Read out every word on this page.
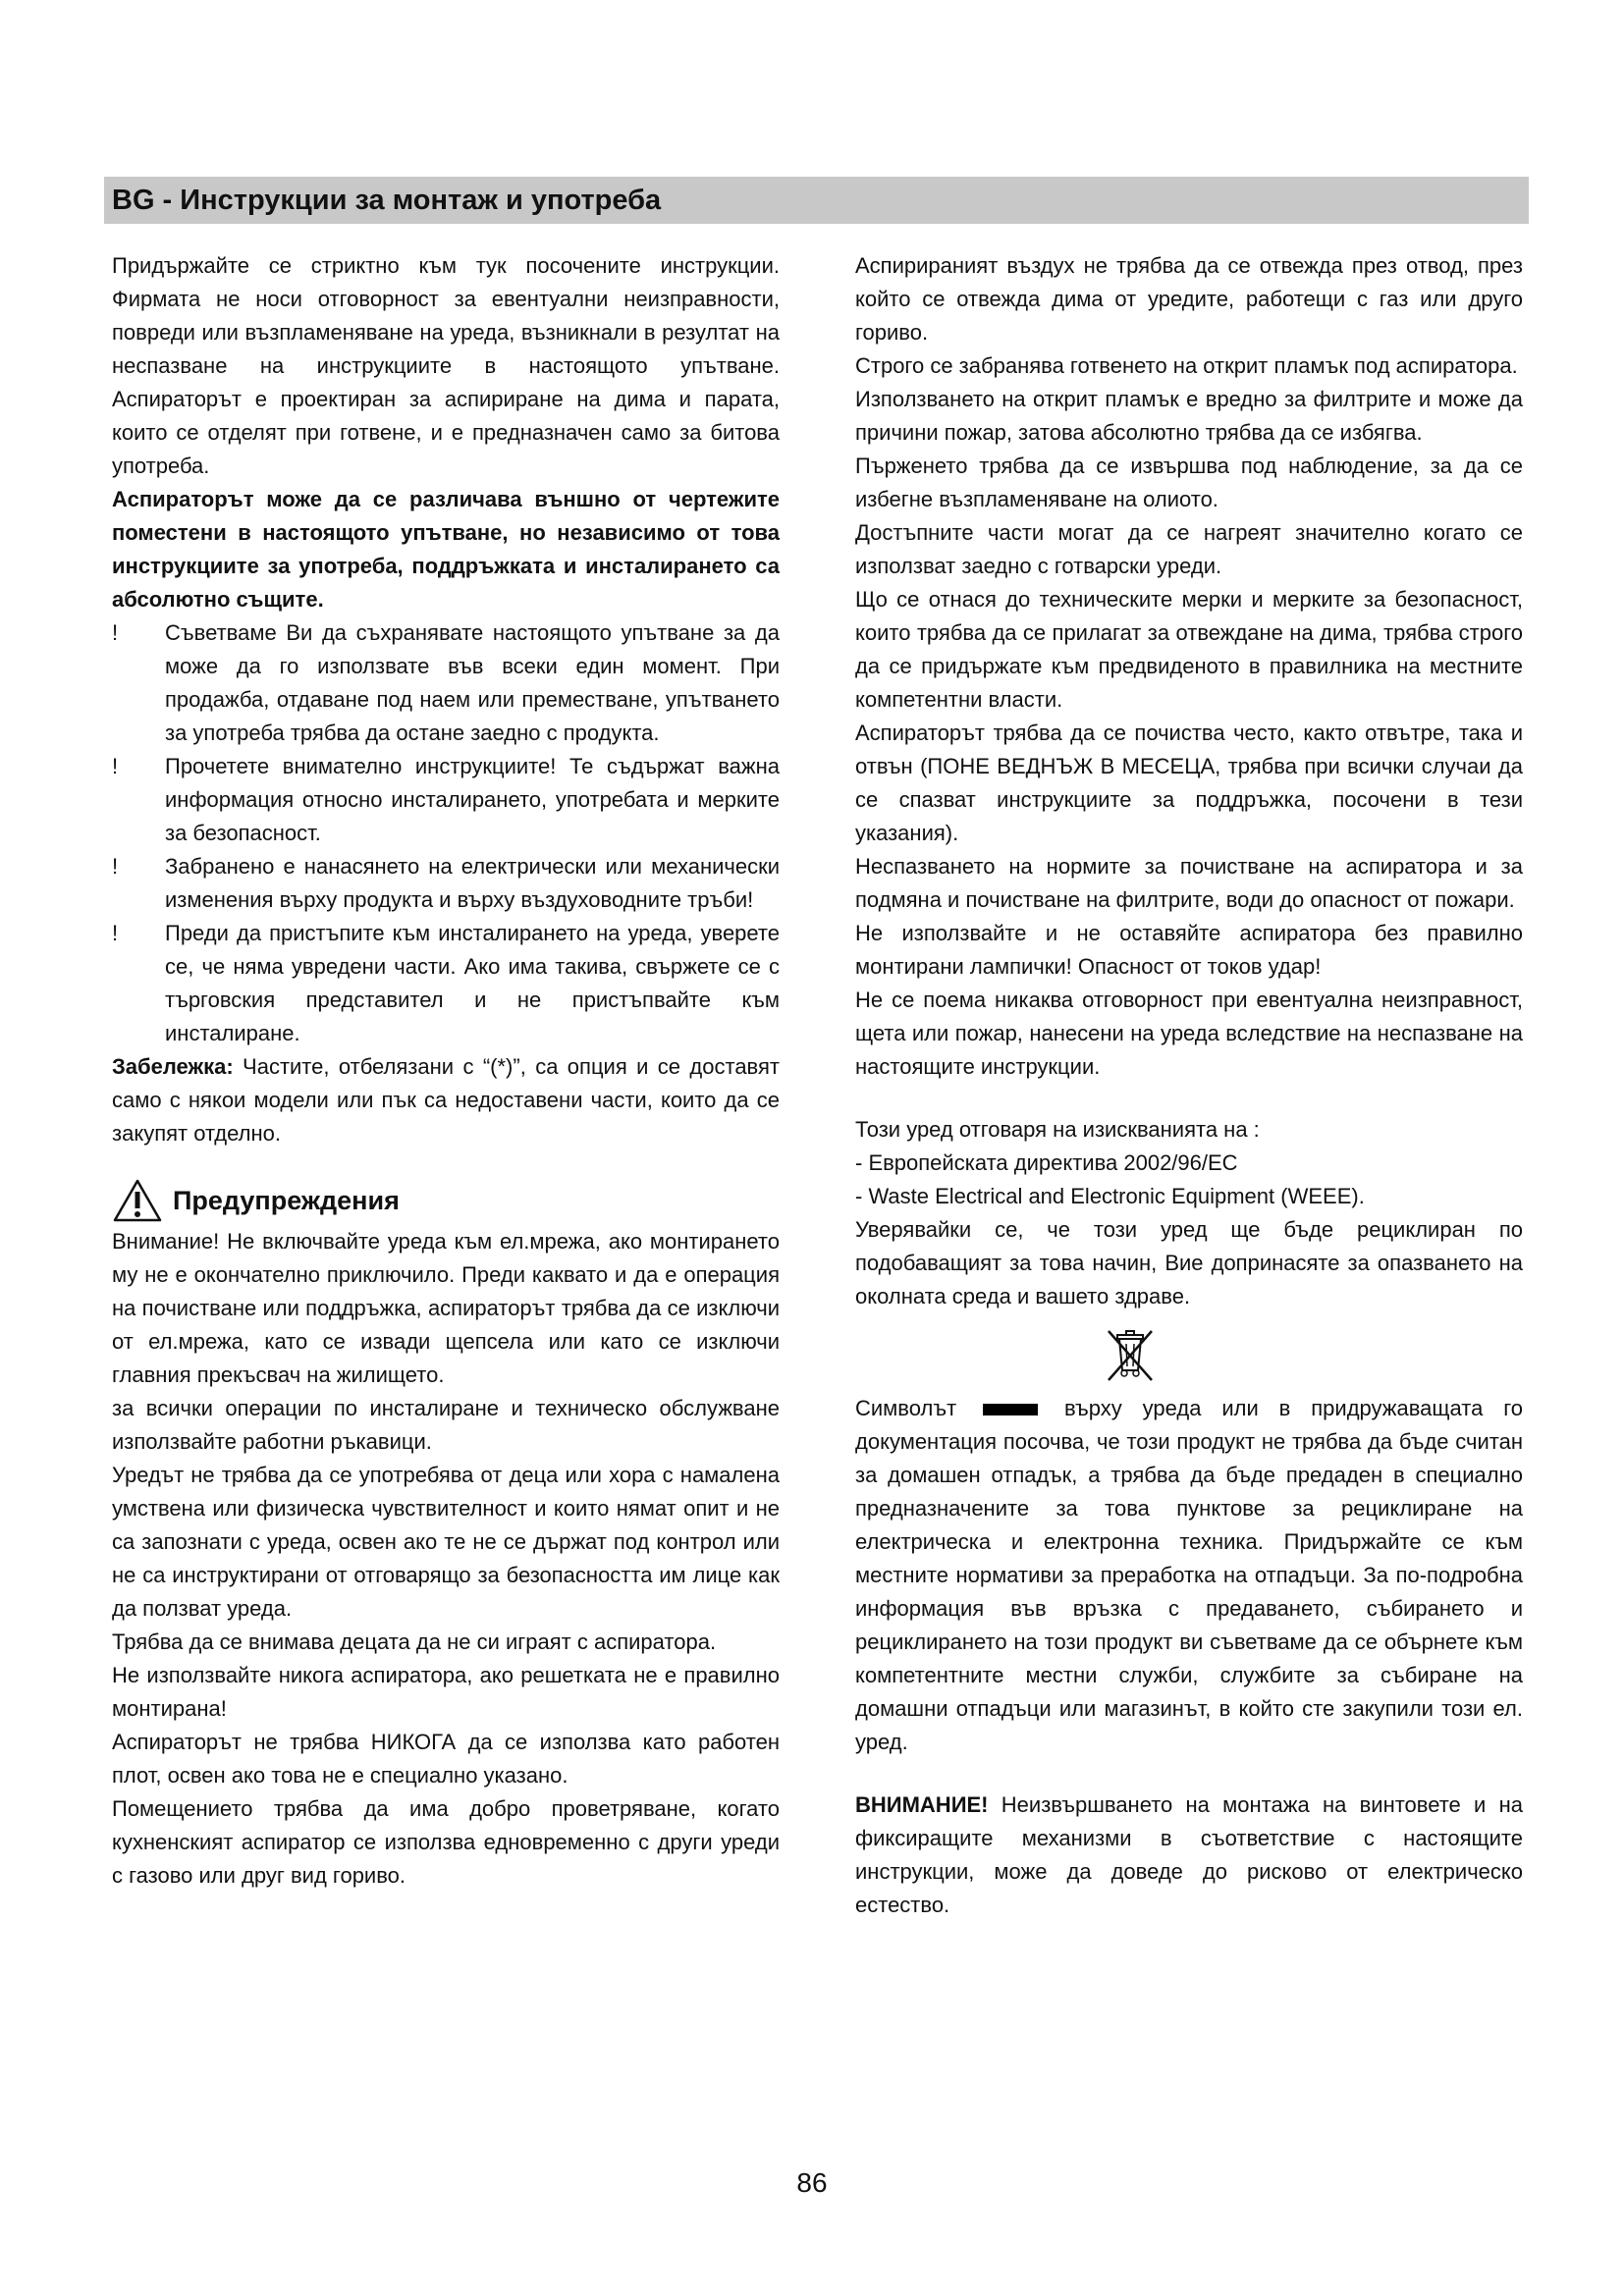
BG - Инструкции за монтаж и употреба

Придържайте се стриктно към тук посочените инструкции. Фирмата не носи отговорност за евентуални неизправности, повреди или възпламеняване на уреда, възникнали в резултат на неспазване на инструкциите в настоящото упътване. Аспираторът е проектиран за аспириране на дима и парата, които се отделят при готвене, и е предназначен само за битова употреба.

Аспираторът може да се различава външно от чертежите поместени в настоящото упътване, но независимо от това инструкциите за употреба, поддръжката и инсталирането са абсолютно същите.

! Съветваме Ви да съхранявате настоящото упътване за да може да го използвате във всеки един момент. При продажба, отдаване под наем или преместване, упътването за употреба трябва да остане заедно с продукта.
! Прочетете внимателно инструкциите! Те съдържат важна информация относно инсталирането, употребата и мерките за безопасност.
! Забранено е нанасянето на електрически или механически изменения върху продукта и върху въздуховодните тръби!
! Преди да пристъпите към инсталирането на уреда, уверете се, че няма увредени части. Ако има такива, свържете се с търговския представител и не пристъпвайте към инсталиране.

Забележка: Частите, отбелязани с “(*)”, са опция и се доставят само с някои модели или пък са недоставени части, които да се закупят отделно.

Предупреждения

Внимание! Не включвайте уреда към ел.мрежа, ако монтирането му не е окончателно приключило. Преди каквато и да е операция на почистване или поддръжка, аспираторът трябва да се изключи от ел.мрежа, като се извади щепсела или като се изключи главния прекъсвач на жилището.

за всички операции по инсталиране и техническо обслужване използвайте работни ръкавици.

Уредът не трябва да се употребява от деца или хора с намалена умствена или физическа чувствителност и които нямат опит и не са запознати с уреда, освен ако те не се държат под контрол или не са инструктирани от отговарящо за безопасността им лице как да ползват уреда.

Трябва да се внимава децата да не си играят с аспиратора.

Не използвайте никога аспиратора, ако решетката не е правилно монтирана!

Аспираторът не трябва НИКОГА да се използва като работен плот, освен ако това не е специално указано.

Помещението трябва да има добро проветряване, когато кухненският аспиратор се използва едновременно с други уреди с газово или друг вид гориво.

Аспирираният въздух не трябва да се отвежда през отвод, през който се отвежда дима от уредите, работещи с газ или друго гориво.

Строго се забранява готвенето на открит пламък под аспиратора.

Използването на открит пламък е вредно за филтрите и може да причини пожар, затова абсолютно трябва да се избягва.

Пърженето трябва да се извършва под наблюдение, за да се избегне възпламеняване на олиото.

Достъпните части могат да се нагреят значително когато се използват заедно с готварски уреди.

Що се отнася до техническите мерки и мерките за безопасност, които трябва да се прилагат за отвеждане на дима, трябва строго да се придържате към предвиденото в правилника на местните компетентни власти.

Аспираторът трябва да се почиства често, както отвътре, така и отвън (ПОНЕ ВЕДНЪЖ В МЕСЕЦА, трябва при всички случаи да се спазват инструкциите за поддръжка, посочени в тези указания).

Неспазването на нормите за почистване на аспиратора и за подмяна и почистване на филтрите, води до опасност от пожари.

Не използвайте и не оставяйте аспиратора без правилно монтирани лампички! Опасност от токов удар!

Не се поема никаква отговорност при евентуална неизправност, щета или пожар, нанесени на уреда вследствие на неспазване на настоящите инструкции.

Този уред отговаря на изискванията на :

- Европейската директива 2002/96/EC

- Waste Electrical and Electronic Equipment (WEEE).

Уверявайки се, че този уред ще бъде рециклиран по подобаващият за това начин, Вие допринасяте за опазването на околната среда и вашето здраве.

Символът	върху уреда или в придружаващата го документация посочва, че този продукт не трябва да бъде считан за домашен отпадък, а трябва да бъде предаден в специално предназначените за това пунктове за рециклиране на електрическа и електронна техника. Придържайте се към местните нормативи за преработка на отпадъци. За по-подробна информация във връзка с предаването, събирането и рециклирането на този продукт ви съветваме да се обърнете към компетентните местни служби, службите за събиране на домашни отпадъци или магазинът, в който сте закупили този ел. уред.

ВНИМАНИЕ! Неизвършването на монтажа на винтовете и на фиксиращите механизми в съответствие с настоящите инструкции, може да доведе до рисково от електрическо естество.

86
